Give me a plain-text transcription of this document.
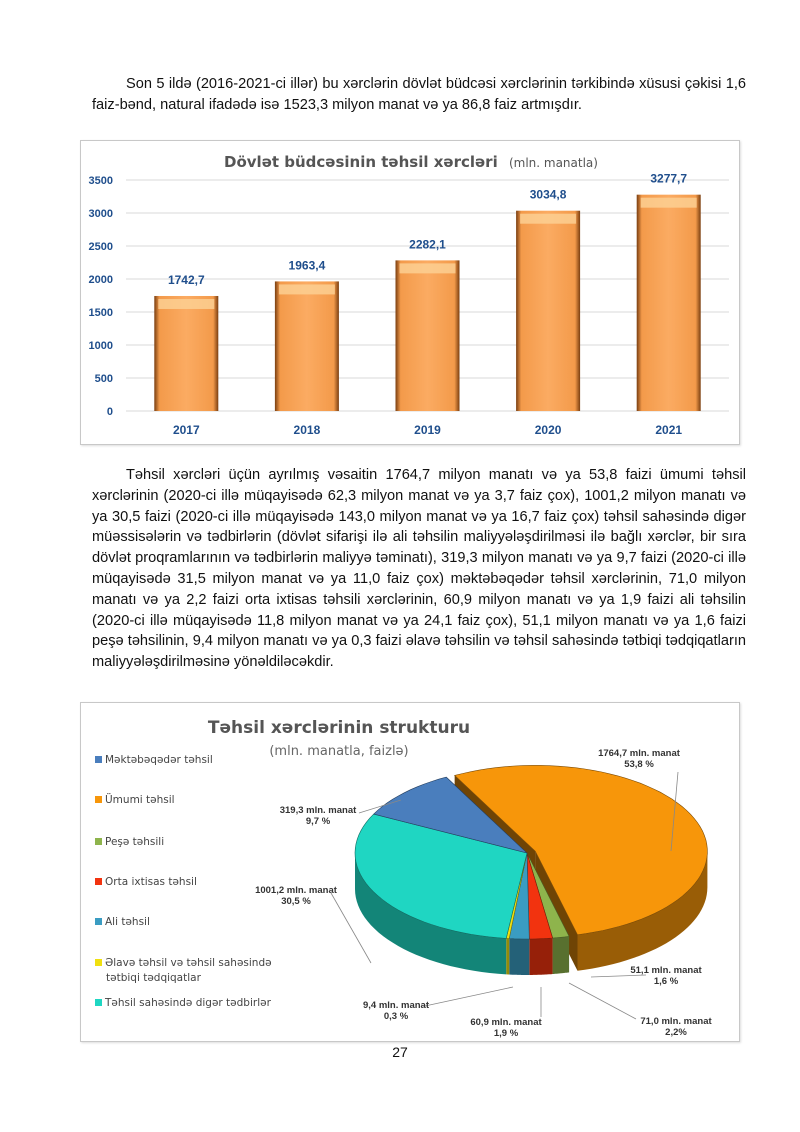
Son 5 ildə (2016-2021-ci illər) bu xərclərin dövlət büdcəsi xərclərinin tərkibində xüsusi çəkisi 1,6 faiz-bənd, natural ifadədə isə 1523,3 milyon manat və ya 86,8 faiz artmışdır.

Dövlət büdcəsinin təhsil xərcləri (mln. manatla)
0
500
1000
1500
2000
2500
3000
3500
1742,7
2017
1963,4
2018
2282,1
2019
3034,8
2020
3277,7
2021

Təhsil xərcləri üçün ayrılmış vəsaitin 1764,7 milyon manatı və ya 53,8 faizi ümumi təhsil xərclərinin (2020-ci illə müqayisədə 62,3 milyon manat və ya 3,7 faiz çox), 1001,2 milyon manatı və ya 30,5 faizi (2020-ci illə müqayisədə 143,0 milyon manat və ya 16,7 faiz çox) təhsil sahəsində digər müəssisələrin və tədbirlərin (dövlət sifarişi ilə ali təhsilin maliyyələşdirilməsi ilə bağlı xərclər, bir sıra dövlət proqramlarının və tədbirlərin maliyyə təminatı), 319,3 milyon manatı və ya 9,7 faizi (2020-ci illə müqayisədə 31,5 milyon manat və ya 11,0 faiz çox) məktəbəqədər təhsil xərclərinin, 71,0 milyon manatı və ya 2,2 faizi orta ixtisas təhsili xərclərinin, 60,9 milyon manatı və ya 1,9 faizi ali təhsilin (2020-ci illə müqayisədə 11,8 milyon manat və ya 24,1 faiz çox), 51,1 milyon manatı və ya 1,6 faizi peşə təhsilinin, 9,4 milyon manatı və ya 0,3 faizi əlavə təhsilin və təhsil sahəsində tətbiqi tədqiqatların maliyyələşdirilməsinə yönəldiləcəkdir.

Təhsil xərclərinin strukturu
(mln. manatla, faizlə)
Məktəbəqədər təhsil
Ümumi təhsil
Peşə təhsili
Orta ixtisas təhsil
Ali təhsil
Əlavə təhsil və təhsil sahəsində
tətbiqi tədqiqatlar
Təhsil sahəsində digər tədbirlər
1764,7 mln. manat
53,8 %
51,1 mln. manat
1,6 %
71,0 mln. manat
2,2%
60,9 mln. manat
1,9 %
9,4 mln. manat
0,3 %
1001,2 mln. manat
30,5 %
319,3 mln. manat
9,7 %
27
